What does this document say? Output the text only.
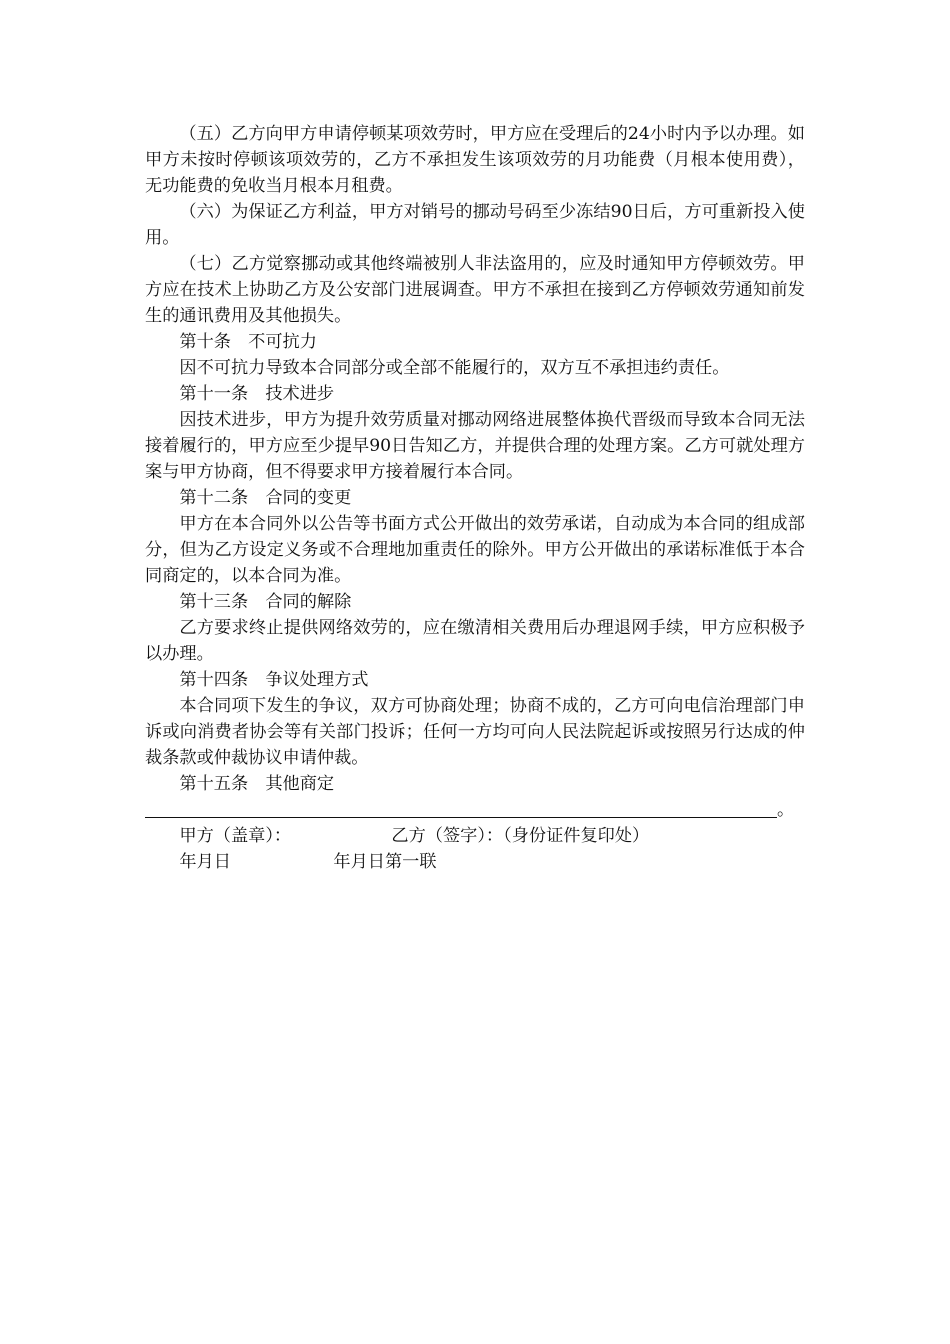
（五）乙方向甲方申请停顿某项效劳时，甲方应在受理后的24小时内予以办理。如甲方未按时停顿该项效劳的，乙方不承担发生该项效劳的月功能费（月根本使用费），无功能费的免收当月根本月租费。

（六）为保证乙方利益，甲方对销号的挪动号码至少冻结90日后，方可重新投入使用。

（七）乙方觉察挪动或其他终端被别人非法盗用的，应及时通知甲方停顿效劳。甲方应在技术上协助乙方及公安部门进展调查。甲方不承担在接到乙方停顿效劳通知前发生的通讯费用及其他损失。

第十条　不可抗力

因不可抗力导致本合同部分或全部不能履行的，双方互不承担违约责任。

第十一条　技术进步

因技术进步，甲方为提升效劳质量对挪动网络进展整体换代晋级而导致本合同无法接着履行的，甲方应至少提早90日告知乙方，并提供合理的处理方案。乙方可就处理方案与甲方协商，但不得要求甲方接着履行本合同。

第十二条　合同的变更

甲方在本合同外以公告等书面方式公开做出的效劳承诺，自动成为本合同的组成部分，但为乙方设定义务或不合理地加重责任的除外。甲方公开做出的承诺标准低于本合同商定的，以本合同为准。

第十三条　合同的解除

乙方要求终止提供网络效劳的，应在缴清相关费用后办理退网手续，甲方应积极予以办理。

第十四条　争议处理方式

本合同项下发生的争议，双方可协商处理；协商不成的，乙方可向电信治理部门申诉或向消费者协会等有关部门投诉；任何一方均可向人民法院起诉或按照另行达成的仲裁条款或仲裁协议申请仲裁。

第十五条　其他商定

。
甲方（盖章）：	乙方（签字）：（身份证件复印处）
年月日	年月日第一联
